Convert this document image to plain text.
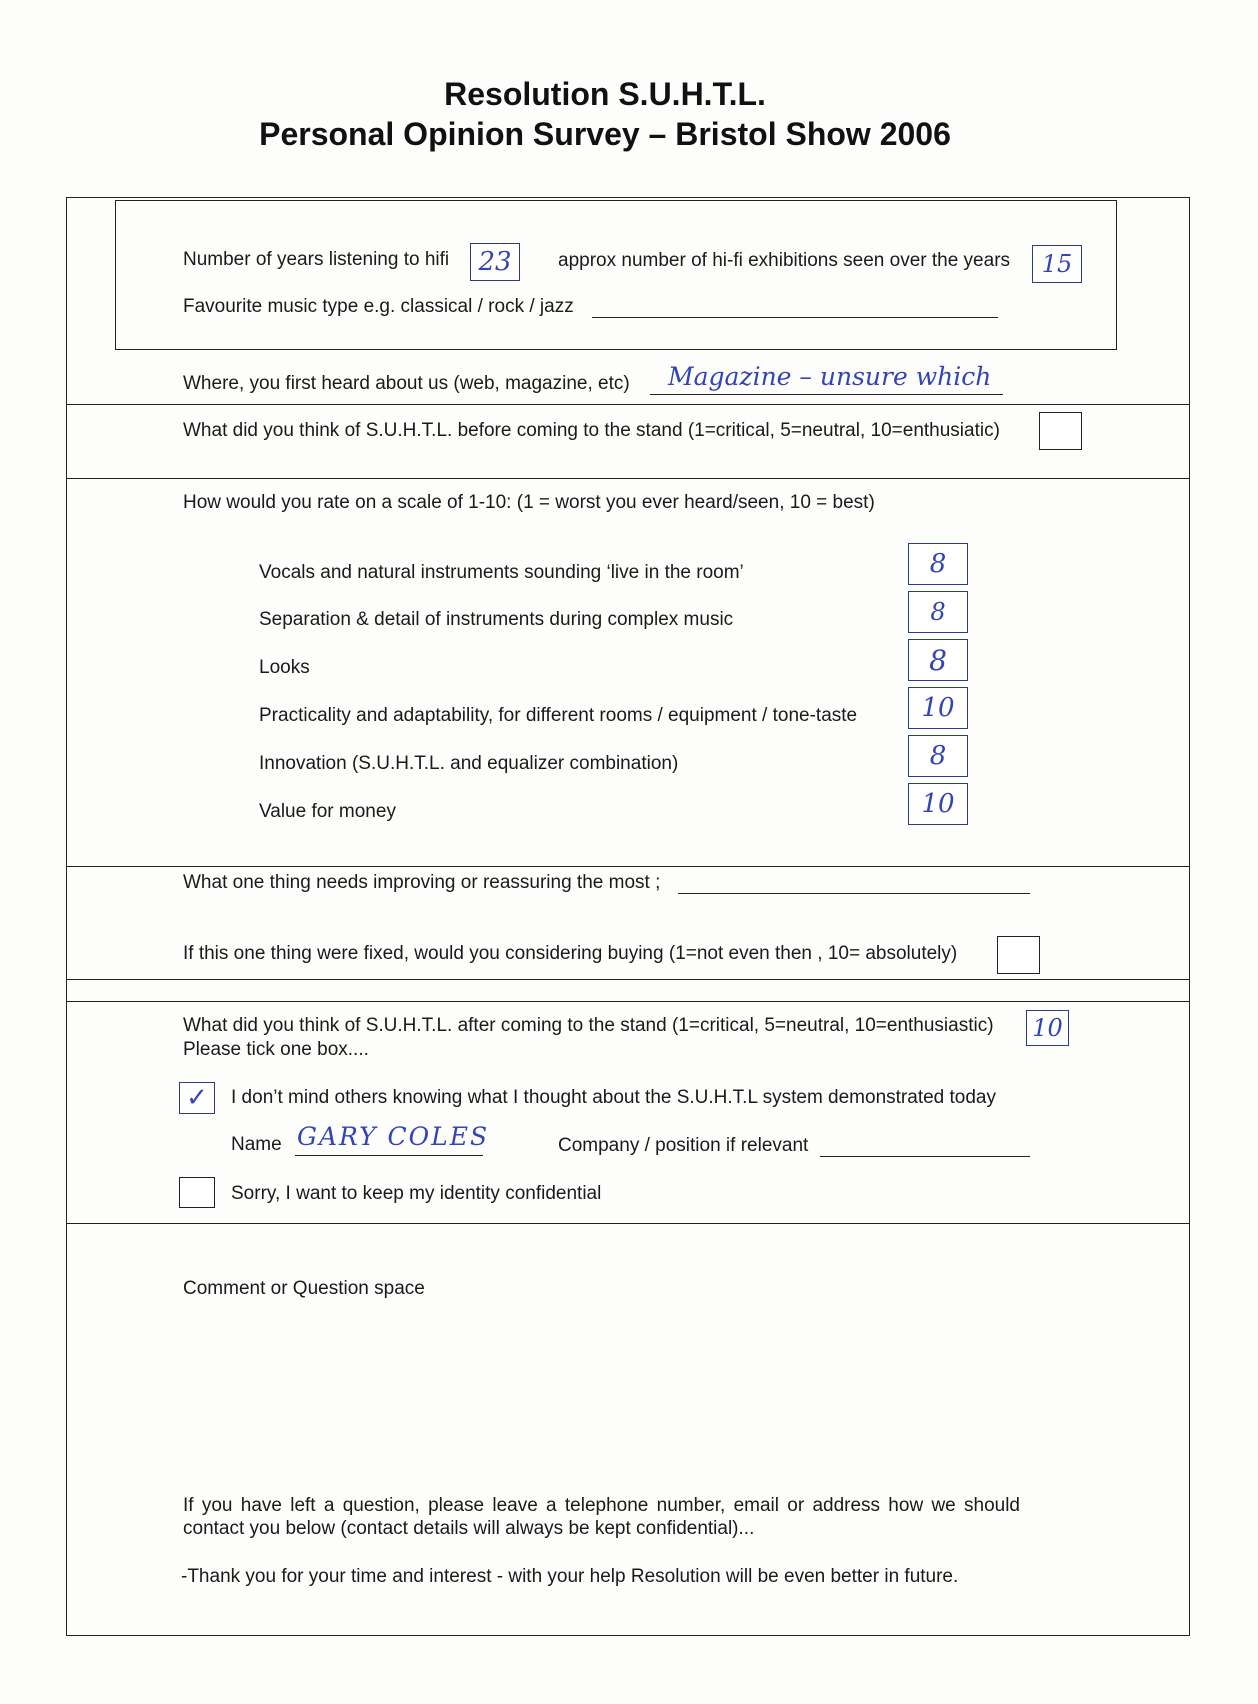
Resolution S.U.H.T.L.
Personal Opinion Survey – Bristol Show 2006
Number of years listening to hifi 23 approx number of hi-fi exhibitions seen over the years 15
Favourite music type e.g. classical / rock / jazz
Where, you first heard about us (web, magazine, etc) Magazine – unsure which
What did you think of S.U.H.T.L. before coming to the stand (1=critical, 5=neutral, 10=enthusiatic)
How would you rate on a scale of 1-10: (1 = worst you ever heard/seen, 10 = best)
Vocals and natural instruments sounding ‘live in the room’	8
Separation & detail of instruments during complex music	8
Looks	8
Practicality and adaptability, for different rooms / equipment / tone-taste 10
Innovation (S.U.H.T.L. and equalizer combination)	8
Value for money	10
What one thing needs improving or reassuring the most ;
If this one thing were fixed, would you considering buying (1=not even then , 10= absolutely)
What did you think of S.U.H.T.L. after coming to the stand (1=critical, 5=neutral, 10=enthusiastic) 10
Please tick one box....
✓ I don’t mind others knowing what I thought about the S.U.H.T.L system demonstrated today
Name GARY COLES	Company / position if relevant
Sorry, I want to keep my identity confidential
Comment or Question space
If you have left a question, please leave a telephone number, email or address how we should
contact you below (contact details will always be kept confidential)...
-Thank you for your time and interest - with your help Resolution will be even better in future.
